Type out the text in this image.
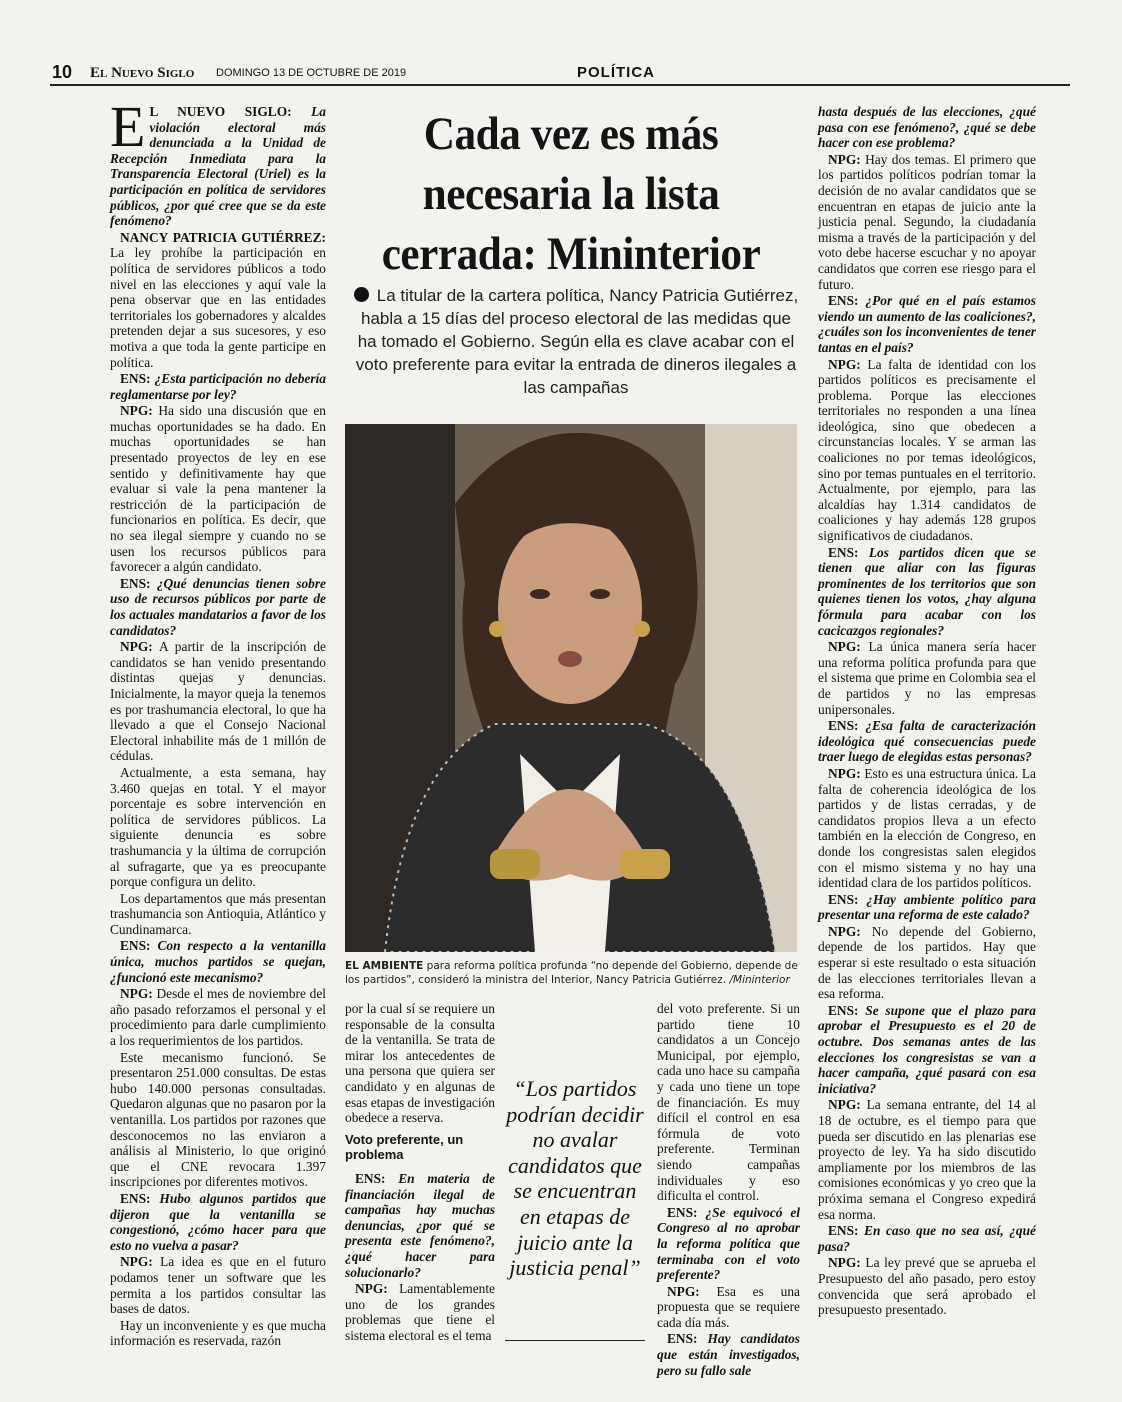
10 El Nuevo Siglo DOMINGO 13 DE OCTUBRE DE 2019	POLÍTICA

E L NUEVO SIGLO: La violación electoral más denunciada a la Unidad de Recepción Inmediata para la Transparencia Electoral (Uriel) es la participación en política de servidores públicos, ¿por qué cree que se da este fenómeno?

NANCY PATRICIA GUTIÉRREZ: La ley prohíbe la participación en política de servidores públicos a todo nivel en las elecciones y aquí vale la pena observar que en las entidades territoriales los gobernadores y alcaldes pretenden dejar a sus sucesores, y eso motiva a que toda la gente participe en política.

ENS: ¿Esta participación no debería reglamentarse por ley?

NPG: Ha sido una discusión que en muchas oportunidades se ha dado. En muchas oportunidades se han presentado proyectos de ley en ese sentido y definitivamente hay que evaluar si vale la pena mantener la restricción de la participación de funcionarios en política. Es decir, que no sea ilegal siempre y cuando no se usen los recursos públicos para favorecer a algún candidato.

ENS: ¿Qué denuncias tienen sobre uso de recursos públicos por parte de los actuales mandatarios a favor de los candidatos?

NPG: A partir de la inscripción de candidatos se han venido presentando distintas quejas y denuncias. Inicialmente, la mayor queja la tenemos es por trashumancia electoral, lo que ha llevado a que el Consejo Nacional Electoral inhabilite más de 1 millón de cédulas.

Actualmente, a esta semana, hay 3.460 quejas en total. Y el mayor porcentaje es sobre intervención en política de servidores públicos. La siguiente denuncia es sobre trashumancia y la última de corrupción al sufragarte, que ya es preocupante porque configura un delito.

Los departamentos que más presentan trashumancia son Antioquia, Atlántico y Cundinamarca.

ENS: Con respecto a la ventanilla única, muchos partidos se quejan, ¿funcionó este mecanismo?

NPG: Desde el mes de noviembre del año pasado reforzamos el personal y el procedimiento para darle cumplimiento a los requerimientos de los partidos.

Este mecanismo funcionó. Se presentaron 251.000 consultas. De estas hubo 140.000 personas consultadas. Quedaron algunas que no pasaron por la ventanilla. Los partidos por razones que desconocemos no las enviaron a análisis al Ministerio, lo que originó que el CNE revocara 1.397 inscripciones por diferentes motivos.

ENS: Hubo algunos partidos que dijeron que la ventanilla se congestionó, ¿cómo hacer para que esto no vuelva a pasar?

NPG: La idea es que en el futuro podamos tener un software que les permita a los partidos consultar las bases de datos.

Hay un inconveniente y es que mucha información es reservada, razón

Cada vez es más
necesaria la lista
cerrada: Mininterior
La titular de la cartera política, Nancy Patricia Gutiérrez, habla a 15 días del proceso electoral de las medidas que ha tomado el Gobierno. Según ella es clave acabar con el voto preferente para evitar la entrada de dineros ilegales a las campañas
EL AMBIENTE para reforma política profunda “no depende del Gobierno, depende de los partidos”, consideró la ministra del Interior, Nancy Patricia Gutiérrez. /Mininterior

por la cual sí se requiere un responsable de la consulta de la ventanilla. Se trata de mirar los antecedentes de una persona que quiera ser candidato y en algunas de esas etapas de investigación obedece a reserva.

Voto preferente, un problema

ENS: En materia de financiación ilegal de campañas hay muchas denuncias, ¿por qué se presenta este fenómeno?, ¿qué hacer para solucionarlo?

NPG: Lamentablemente uno de los grandes problemas que tiene el sistema electoral es el tema

“Los partidos podrían decidir no avalar candidatos que se encuentran en etapas de juicio ante la justicia penal”

del voto preferente. Si un partido tiene 10 candidatos a un Concejo Municipal, por ejemplo, cada uno hace su campaña y cada uno tiene un tope de financiación. Es muy difícil el control en esa fórmula de voto preferente. Terminan siendo campañas individuales y eso dificulta el control.

ENS: ¿Se equivocó el Congreso al no aprobar la reforma política que terminaba con el voto preferente?

NPG: Esa es una propuesta que se requiere cada día más.

ENS: Hay candidatos que están investigados, pero su fallo sale

hasta después de las elecciones, ¿qué pasa con ese fenómeno?, ¿qué se debe hacer con ese problema?

NPG: Hay dos temas. El primero que los partidos políticos podrían tomar la decisión de no avalar candidatos que se encuentran en etapas de juicio ante la justicia penal. Segundo, la ciudadanía misma a través de la participación y del voto debe hacerse escuchar y no apoyar candidatos que corren ese riesgo para el futuro.

ENS: ¿Por qué en el país estamos viendo un aumento de las coaliciones?, ¿cuáles son los inconvenientes de tener tantas en el país?

NPG: La falta de identidad con los partidos políticos es precisamente el problema. Porque las elecciones territoriales no responden a una línea ideológica, sino que obedecen a circunstancias locales. Y se arman las coaliciones no por temas ideológicos, sino por temas puntuales en el territorio. Actualmente, por ejemplo, para las alcaldías hay 1.314 candidatos de coaliciones y hay además 128 grupos significativos de ciudadanos.

ENS: Los partidos dicen que se tienen que aliar con las figuras prominentes de los territorios que son quienes tienen los votos, ¿hay alguna fórmula para acabar con los cacicazgos regionales?

NPG: La única manera sería hacer una reforma política profunda para que el sistema que prime en Colombia sea el de partidos y no las empresas unipersonales.

ENS: ¿Esa falta de caracterización ideológica qué consecuencias puede traer luego de elegidas estas personas?

NPG: Esto es una estructura única. La falta de coherencia ideológica de los partidos y de listas cerradas, y de candidatos propios lleva a un efecto también en la elección de Congreso, en donde los congresistas salen elegidos con el mismo sistema y no hay una identidad clara de los partidos políticos.

ENS: ¿Hay ambiente político para presentar una reforma de este calado?

NPG: No depende del Gobierno, depende de los partidos. Hay que esperar si este resultado o esta situación de las elecciones territoriales llevan a esa reforma.

ENS: Se supone que el plazo para aprobar el Presupuesto es el 20 de octubre. Dos semanas antes de las elecciones los congresistas se van a hacer campaña, ¿qué pasará con esa iniciativa?

NPG: La semana entrante, del 14 al 18 de octubre, es el tiempo para que pueda ser discutido en las plenarias ese proyecto de ley. Ya ha sido discutido ampliamente por los miembros de las comisiones económicas y yo creo que la próxima semana el Congreso expedirá esa norma.

ENS: En caso que no sea así, ¿qué pasa?

NPG: La ley prevé que se aprueba el Presupuesto del año pasado, pero estoy convencida que será aprobado el presupuesto presentado.
